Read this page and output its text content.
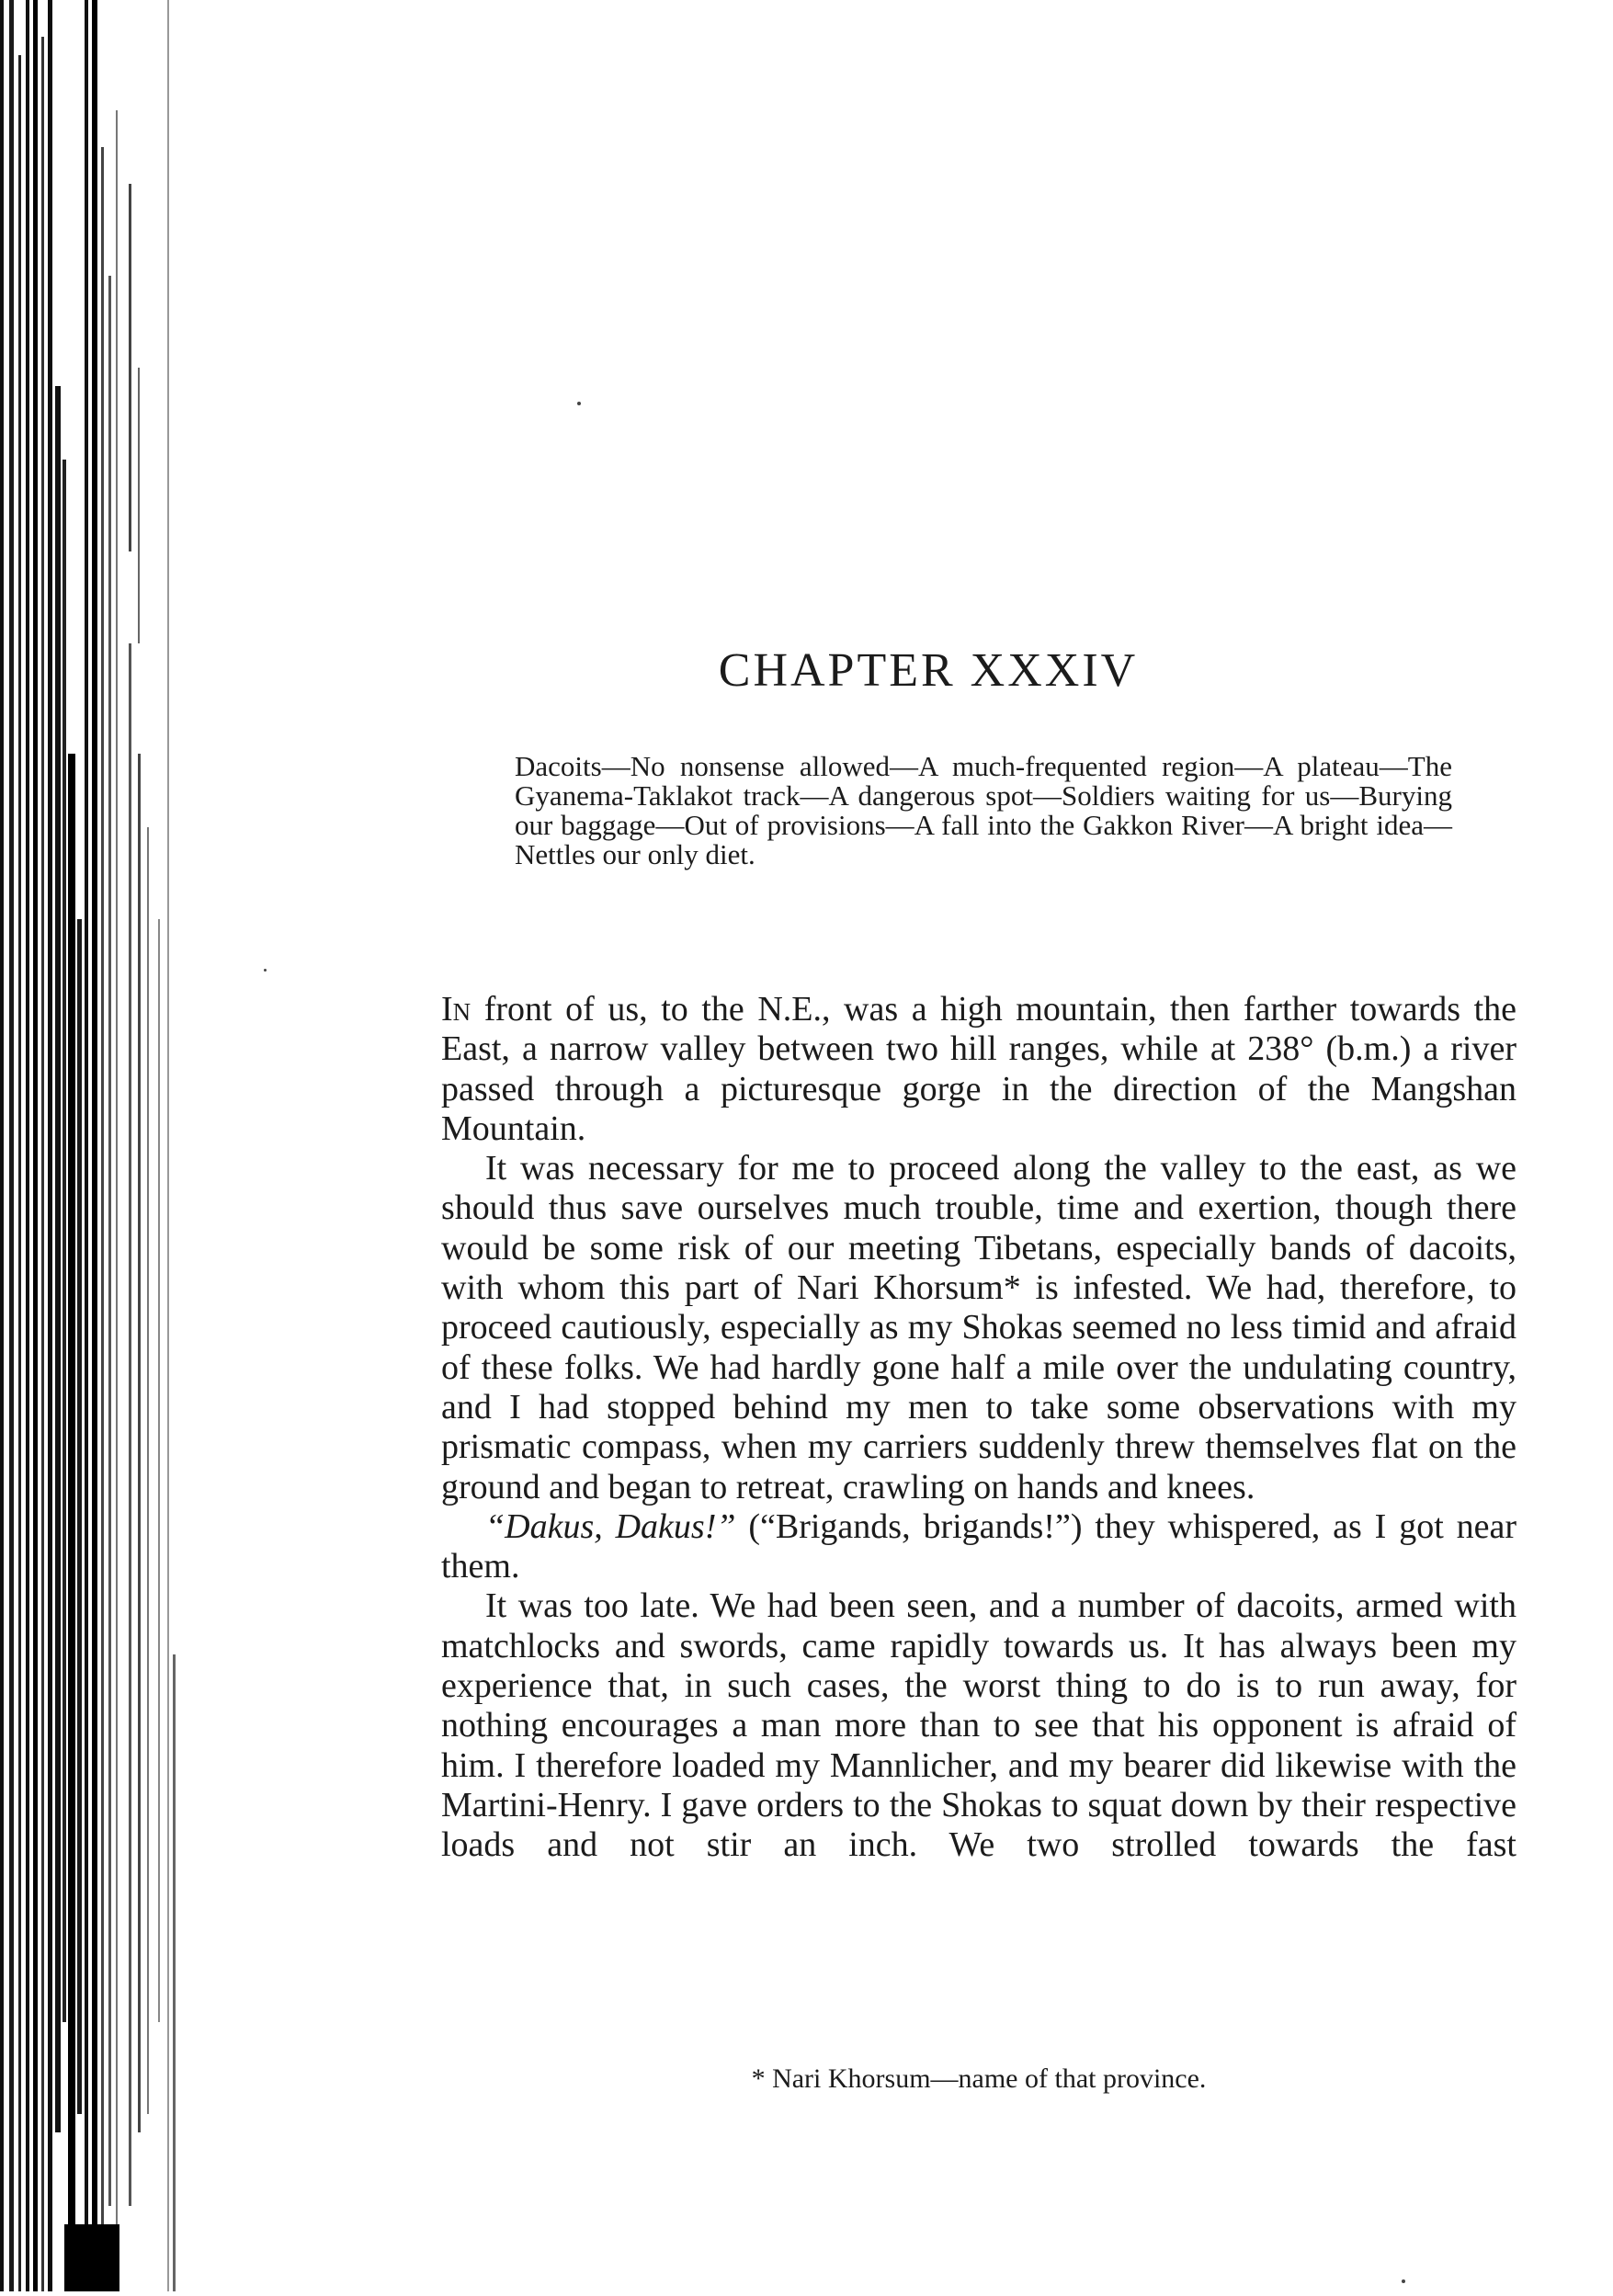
CHAPTER XXXIV
Dacoits—No nonsense allowed—A much-frequented region—A plateau—The Gyanema-Taklakot track—A dangerous spot—Soldiers waiting for us—Burying our baggage—Out of provisions—A fall into the Gakkon River—A bright idea—Nettles our only diet.

In front of us, to the N.E., was a high mountain, then farther towards the East, a narrow valley between two hill ranges, while at 238° (b.m.) a river passed through a picturesque gorge in the direction of the Mangshan Mountain.

It was necessary for me to proceed along the valley to the east, as we should thus save ourselves much trouble, time and exertion, though there would be some risk of our meeting Tibetans, especially bands of dacoits, with whom this part of Nari Khorsum* is infested. We had, therefore, to proceed cautiously, especially as my Shokas seemed no less timid and afraid of these folks. We had hardly gone half a mile over the undulating country, and I had stopped behind my men to take some observations with my prismatic compass, when my carriers suddenly threw themselves flat on the ground and began to retreat, crawling on hands and knees.

“Dakus, Dakus!” (“Brigands, brigands!”) they whispered, as I got near them.

It was too late. We had been seen, and a number of dacoits, armed with matchlocks and swords, came rapidly towards us. It has always been my experience that, in such cases, the worst thing to do is to run away, for nothing encourages a man more than to see that his opponent is afraid of him. I therefore loaded my Mannlicher, and my bearer did likewise with the Martini-Henry. I gave orders to the Shokas to squat down by their respective loads and not stir an inch. We two strolled towards the fast

* Nari Khorsum—name of that province.
